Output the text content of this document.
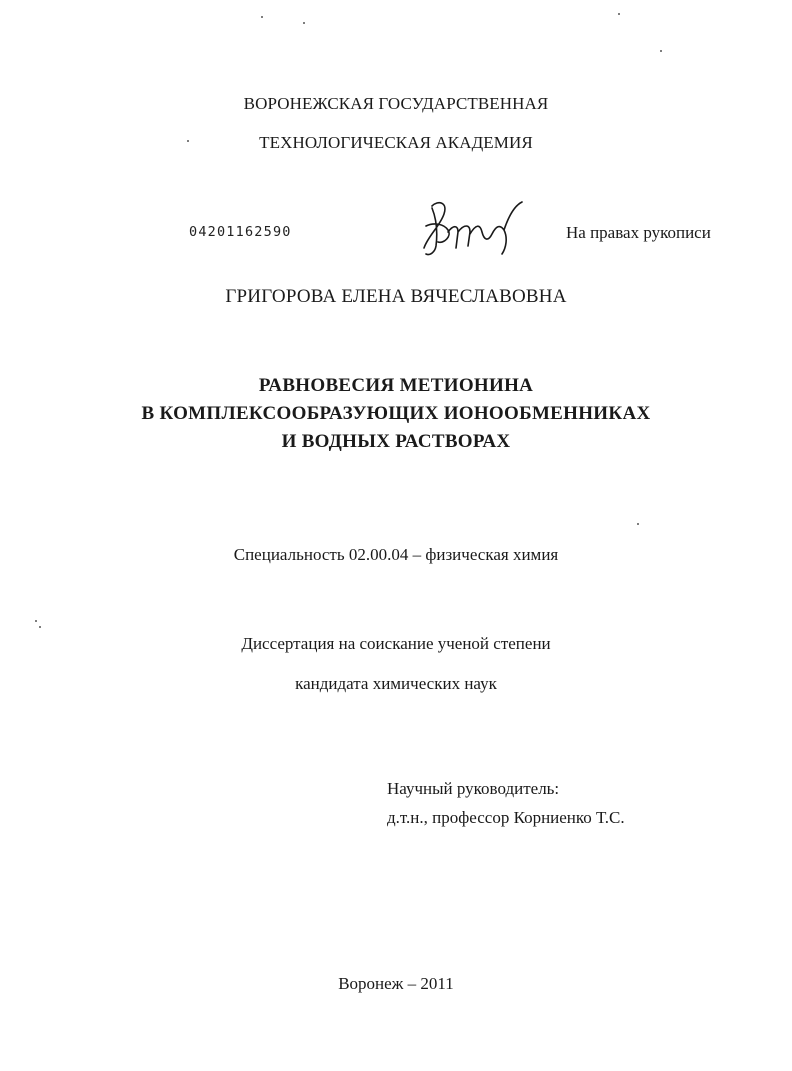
ВОРОНЕЖСКАЯ ГОСУДАРСТВЕННАЯ
ТЕХНОЛОГИЧЕСКАЯ АКАДЕМИЯ
04201162590	На правах рукописи
ГРИГОРОВА ЕЛЕНА ВЯЧЕСЛАВОВНА
РАВНОВЕСИЯ МЕТИОНИНА
В КОМПЛЕКСООБРАЗУЮЩИХ ИОНООБМЕННИКАХ
И ВОДНЫХ РАСТВОРАХ
Специальность 02.00.04 – физическая химия
Диссертация на соискание ученой степени
кандидата химических наук
Научный руководитель:
д.т.н., профессор Корниенко Т.С.
Воронеж – 2011
